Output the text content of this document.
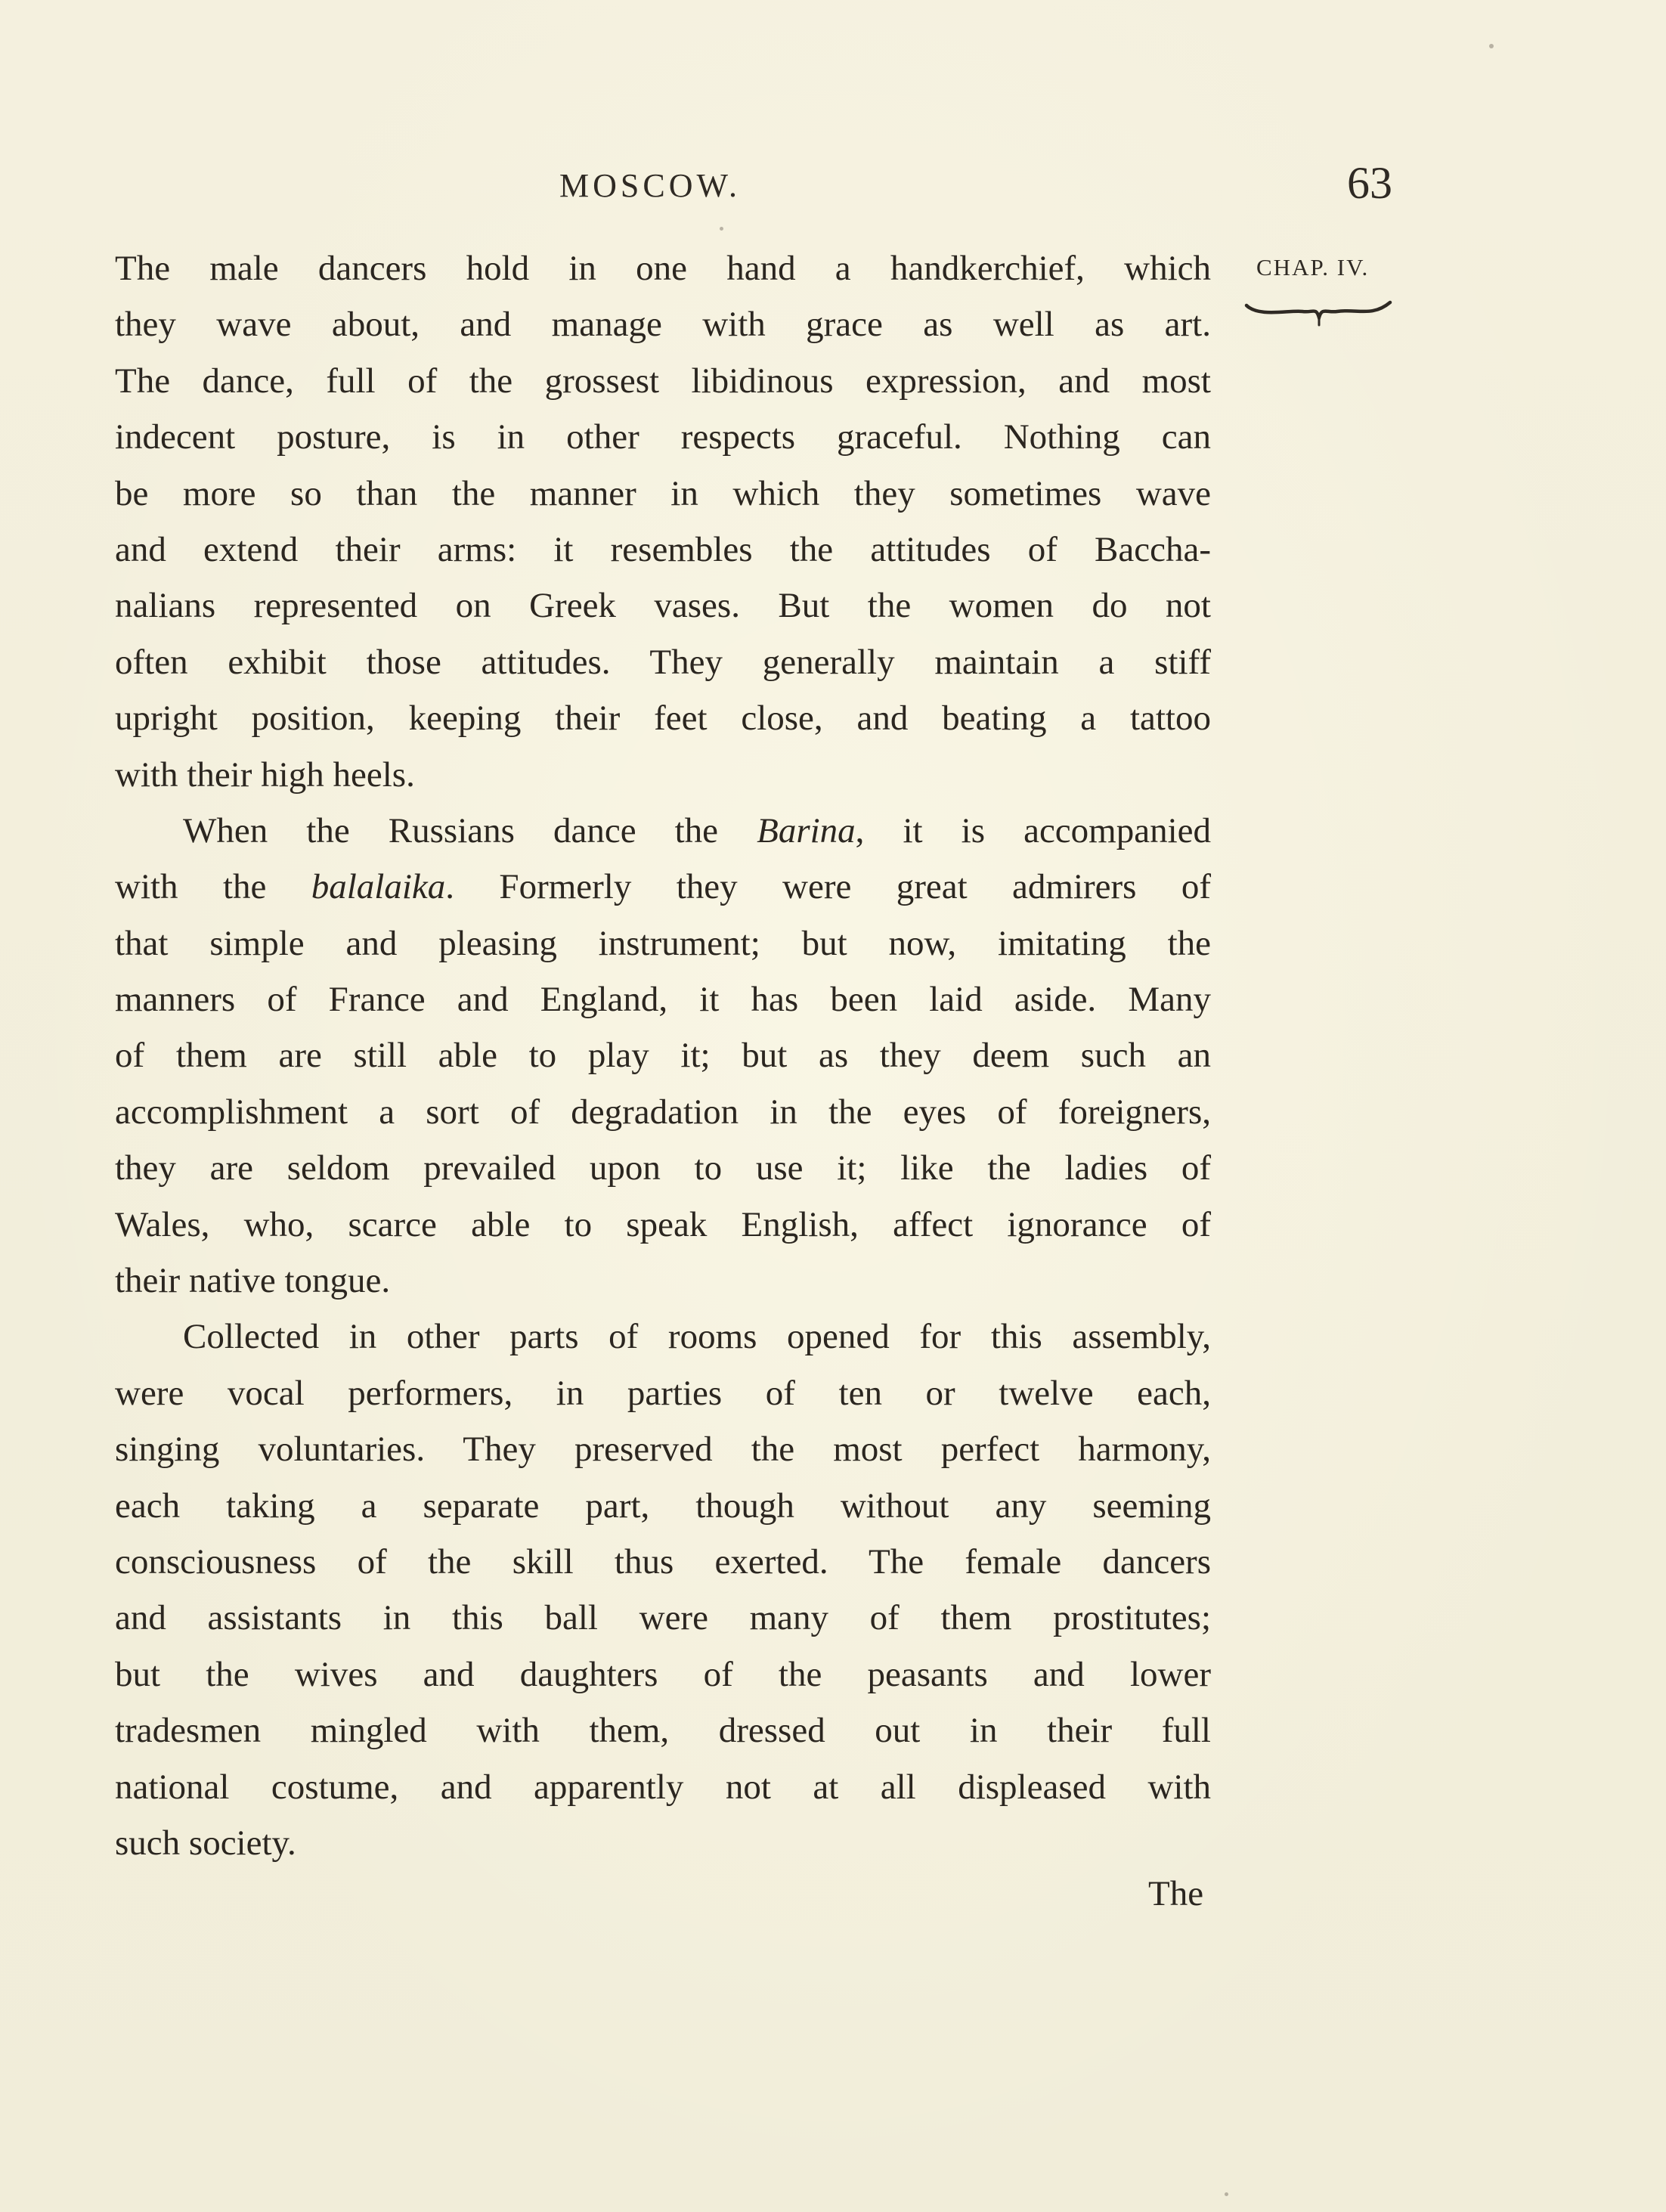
MOSCOW.	63
CHAP. IV.
The male dancers hold in one hand a handkerchief, which
they wave about, and manage with grace as well as art.
The dance, full of the grossest libidinous expression, and most
indecent posture, is in other respects graceful. Nothing can
be more so than the manner in which they sometimes wave
and extend their arms: it resembles the attitudes of Baccha-
nalians represented on Greek vases. But the women do not
often exhibit those attitudes. They generally maintain a stiff
upright position, keeping their feet close, and beating a tattoo
with their high heels.
When the Russians dance the Barina, it is accompanied
with the balalaika. Formerly they were great admirers of
that simple and pleasing instrument; but now, imitating the
manners of France and England, it has been laid aside. Many
of them are still able to play it; but as they deem such an
accomplishment a sort of degradation in the eyes of foreigners,
they are seldom prevailed upon to use it; like the ladies of
Wales, who, scarce able to speak English, affect ignorance of
their native tongue.
Collected in other parts of rooms opened for this assembly,
were vocal performers, in parties of ten or twelve each,
singing voluntaries. They preserved the most perfect harmony,
each taking a separate part, though without any seeming
consciousness of the skill thus exerted. The female dancers
and assistants in this ball were many of them prostitutes;
but the wives and daughters of the peasants and lower
tradesmen mingled with them, dressed out in their full
national costume, and apparently not at all displeased with
such society.
The
